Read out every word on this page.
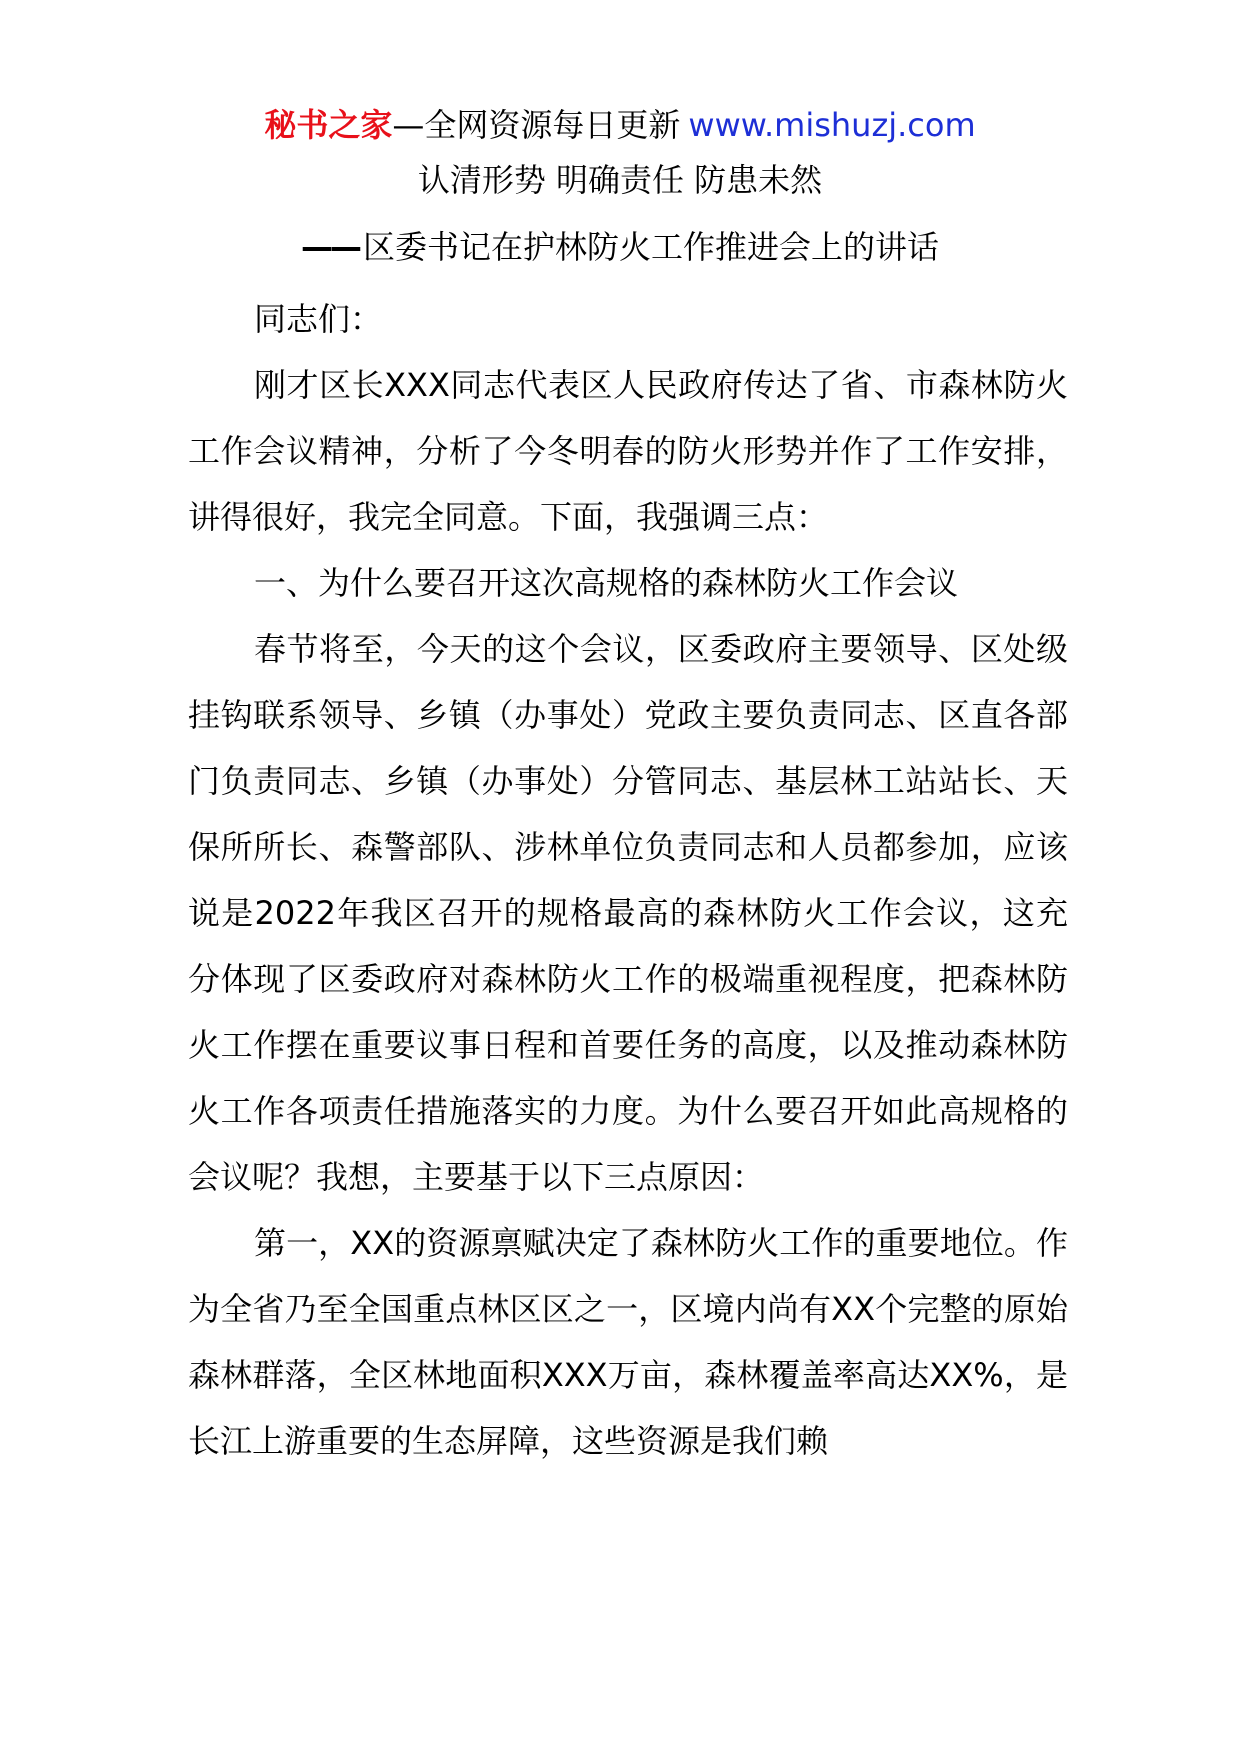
秘书之家—全网资源每日更新 www.mishuzj.com
认清形势 明确责任 防患未然
—— 区委书记在护林防火工作推进会上的讲话

同志们：

刚才区长XXX同志代表区人民政府传达了省、市森林防火工作会议精神，分析了今冬明春的防火形势并作了工作安排，讲得很好，我完全同意。下面，我强调三点：

一、为什么要召开这次高规格的森林防火工作会议

春节将至，今天的这个会议，区委政府主要领导、区处级挂钩联系领导、乡镇（办事处）党政主要负责同志、区直各部门负责同志、乡镇（办事处）分管同志、基层林工站站长、天保所所长、森警部队、涉林单位负责同志和人员都参加，应该说是2022年我区召开的规格最高的森林防火工作会议，这充分体现了区委政府对森林防火工作的极端重视程度，把森林防火工作摆在重要议事日程和首要任务的高度，以及推动森林防火工作各项责任措施落实的力度。为什么要召开如此高规格的会议呢？我想，主要基于以下三点原因：

第一，XX的资源禀赋决定了森林防火工作的重要地位。作为全省乃至全国重点林区区之一，区境内尚有XX个完整的原始森林群落，全区林地面积XXX万亩，森林覆盖率高达XX%，是长江上游重要的生态屏障，这些资源是我们赖
